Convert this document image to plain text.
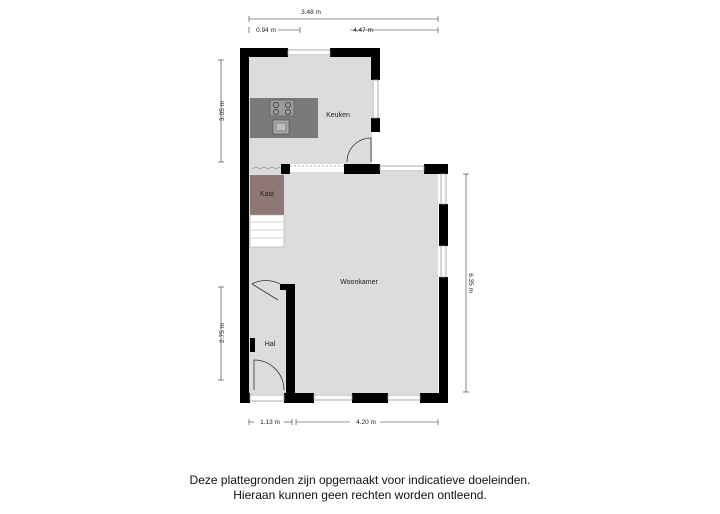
3.48 m
0.94 m	4.47 m
3.05 m
2.75 m
6.35 m
1.13 m	4.20 m
Keuken
Kast
Woonkamer
Hal
Deze plattegronden zijn opgemaakt voor indicatieve doeleinden.
Hieraan kunnen geen rechten worden ontleend.
